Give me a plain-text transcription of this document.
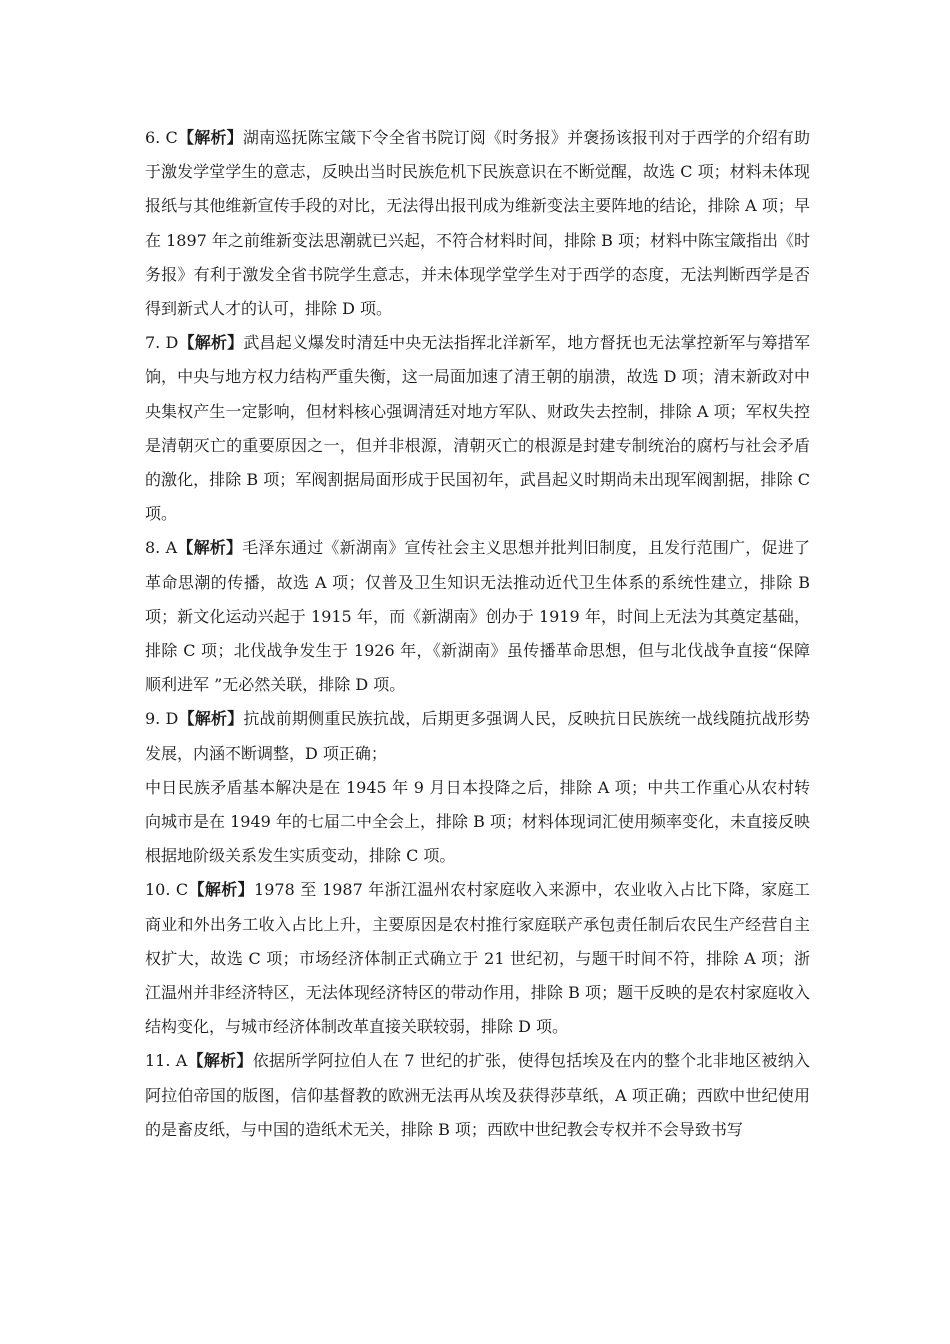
6. C【解析】湖南巡抚陈宝箴下令全省书院订阅《时务报》并褒扬该报刊对于西学的介绍有助于激发学堂学生的意志，反映出当时民族危机下民族意识在不断觉醒，故选 C 项；材料未体现报纸与其他维新宣传手段的对比，无法得出报刊成为维新变法主要阵地的结论，排除 A 项；早在 1897 年之前维新变法思潮就已兴起，不符合材料时间，排除 B 项；材料中陈宝箴指出《时务报》有利于激发全省书院学生意志，并未体现学堂学生对于西学的态度，无法判断西学是否得到新式人才的认可，排除 D 项。

7. D【解析】武昌起义爆发时清廷中央无法指挥北洋新军，地方督抚也无法掌控新军与筹措军饷，中央与地方权力结构严重失衡，这一局面加速了清王朝的崩溃，故选 D 项；清末新政对中央集权产生一定影响，但材料核心强调清廷对地方军队、财政失去控制，排除 A 项；军权失控是清朝灭亡的重要原因之一，但并非根源，清朝灭亡的根源是封建专制统治的腐朽与社会矛盾的激化，排除 B 项；军阀割据局面形成于民国初年，武昌起义时期尚未出现军阀割据，排除 C 项。

8. A【解析】毛泽东通过《新湖南》宣传社会主义思想并批判旧制度，且发行范围广，促进了革命思潮的传播，故选 A 项；仅普及卫生知识无法推动近代卫生体系的系统性建立，排除 B 项；新文化运动兴起于 1915 年，而《新湖南》创办于 1919 年，时间上无法为其奠定基础，排除 C 项；北伐战争发生于 1926 年，《新湖南》虽传播革命思想，但与北伐战争直接“保障顺利进军 ”无必然关联，排除 D 项。

9. D【解析】抗战前期侧重民族抗战，后期更多强调人民，反映抗日民族统一战线随抗战形势发展，内涵不断调整，D 项正确；

中日民族矛盾基本解决是在 1945 年 9 月日本投降之后，排除 A 项；中共工作重心从农村转向城市是在 1949 年的七届二中全会上，排除 B 项；材料体现词汇使用频率变化，未直接反映根据地阶级关系发生实质变动，排除 C 项。

10. C【解析】1978 至 1987 年浙江温州农村家庭收入来源中，农业收入占比下降，家庭工商业和外出务工收入占比上升，主要原因是农村推行家庭联产承包责任制后农民生产经营自主权扩大，故选 C 项；市场经济体制正式确立于 21 世纪初，与题干时间不符，排除 A 项；浙江温州并非经济特区，无法体现经济特区的带动作用，排除 B 项；题干反映的是农村家庭收入结构变化，与城市经济体制改革直接关联较弱，排除 D 项。

11. A【解析】依据所学阿拉伯人在 7 世纪的扩张，使得包括埃及在内的整个北非地区被纳入阿拉伯帝国的版图，信仰基督教的欧洲无法再从埃及获得莎草纸，A 项正确；西欧中世纪使用的是畜皮纸，与中国的造纸术无关，排除 B 项；西欧中世纪教会专权并不会导致书写
